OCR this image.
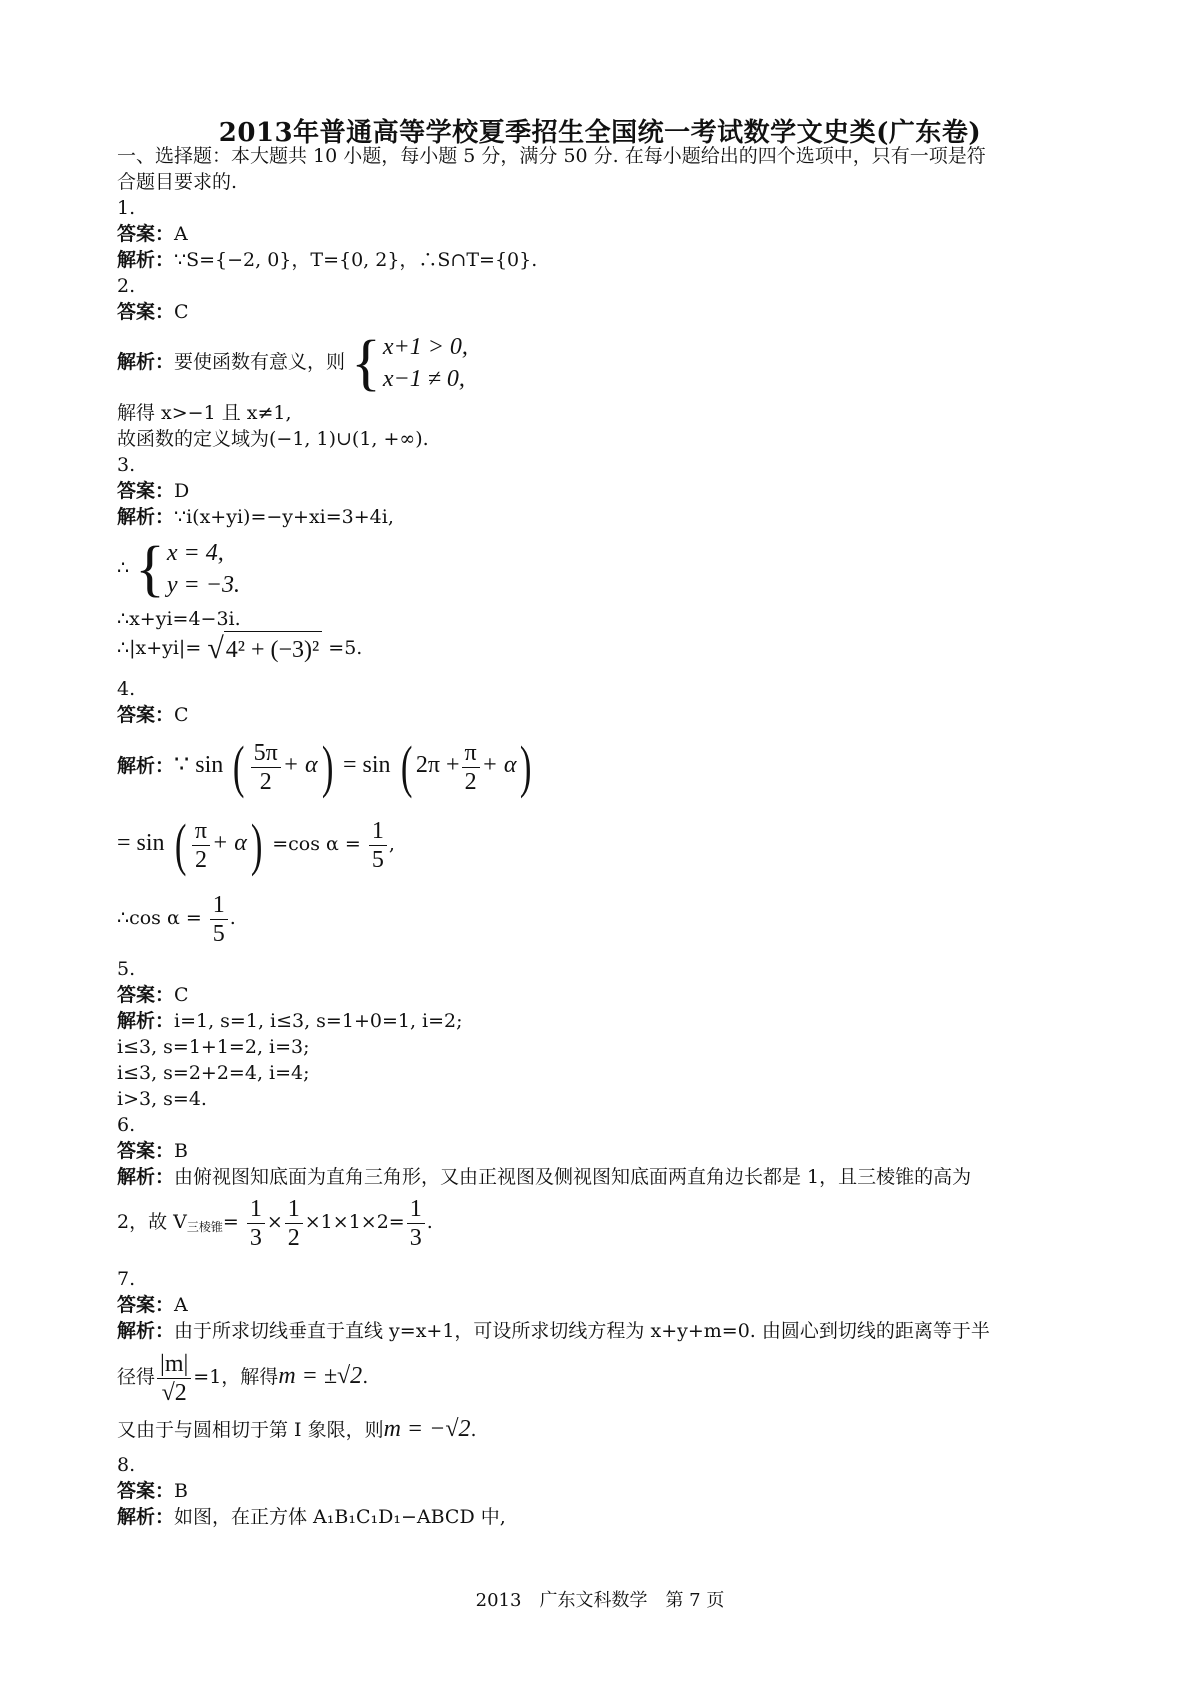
2013年普通高等学校夏季招生全国统一考试数学文史类(广东卷)
一、选择题：本大题共 10 小题，每小题 5 分，满分 50 分. 在每小题给出的四个选项中，只有一项是符
合题目要求的.
1.
答案：A
解析：∵S={−2, 0}，T={0, 2}，∴S∩T={0}.
2.
答案：C
解析：要使函数有意义，则 { x+1 > 0,
x−1 ≠ 0,
解得 x>−1 且 x≠1,
故函数的定义域为(−1, 1)∪(1, +∞).
3.
答案：D
解析：∵i(x+yi)=−y+xi=3+4i,
∴ { x = 4,
y = −3.
∴x+yi=4−3i.
∴|x+yi|= √ 4² + (−3)² =5.
4.
答案：C
解析：∵ sin ( $\frac{5\pi}{2} + \alpha) = \sin$ ( $2\pi + \frac{\pi}{2} + \alpha$)
= sin ( $\frac{\pi}{2} + \alpha) =\cos$ $\alpha = \frac{1}{5}$ ,
∴cos $\alpha = \frac{1}{5}$ .
5.
答案：C
解析：i=1, s=1, i≤3, s=1+0=1, i=2;
i≤3, s=1+1=2, i=3;
i≤3, s=2+2=4, i=4;
i>3, s=4.
6.
答案：B
解析：由俯视图知底面为直角三角形，又由正视图及侧视图知底面两直角边长都是 1，且三棱锥的高为
2，故 $V_{三棱锥}= \frac{1}{3} \times \frac{1}{2} \times 1\times 1\times 2= \frac{1}{3}$ .
7.
答案：A
解析：由于所求切线垂直于直线 y=x+1，可设所求切线方程为 x+y+m=0. 由圆心到切线的距离等于半
径得 $\frac{|m|}{√2} =1$，解得m = ±√2.
又由于与圆相切于第 I 象限，则m = −√2.
8.
答案：B
解析：如图，在正方体 A₁B₁C₁D₁−ABCD 中,
2013　广东文科数学　第 7 页
